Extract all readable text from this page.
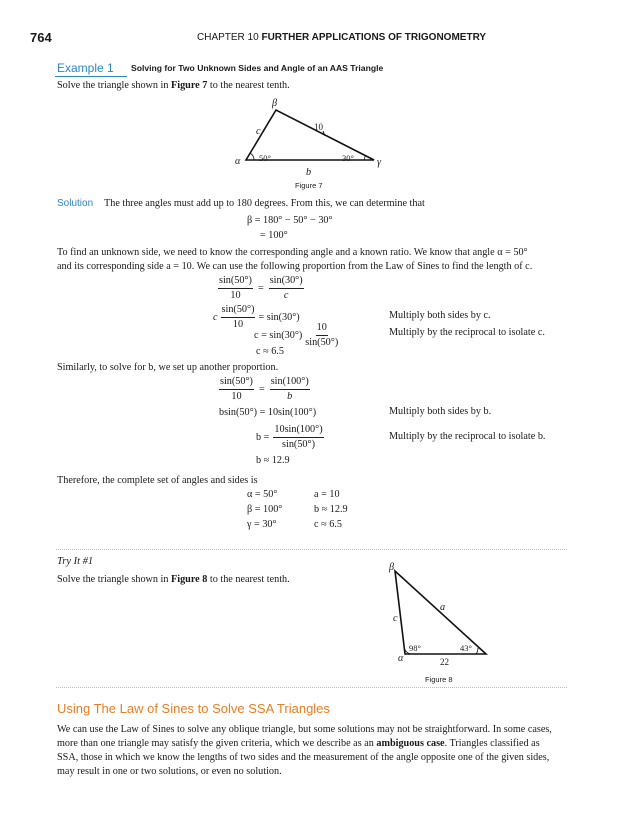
764	CHAPTER 10 FURTHER APPLICATIONS OF TRIGONOMETRY
Example 1 Solving for Two Unknown Sides and Angle of an AAS Triangle
Solve the triangle shown in Figure 7 to the nearest tenth.
β
c	10
α 50°	30° γ
b
Figure 7
Solution The three angles must add up to 180 degrees. From this, we can determine that
β = 180° − 50° − 30°
= 100°
To find an unknown side, we need to know the corresponding angle and a known ratio. We know that angle α = 50°
and its corresponding side a = 10. We can use the following proportion from the Law of Sines to find the length of c.
$\frac{\sin(50^\circ)}{10} = \frac{\sin(30^\circ)}{c}$
c $\frac{\sin(50^\circ)}{10} = \sin(30^\circ)$	Multiply both sides by c.
$c = \sin(30^\circ) \frac{10}{\sin(50^\circ)}$	Multiply by the reciprocal to isolate c.
c ≈ 6.5
Similarly, to solve for b, we set up another proportion.
$\frac{\sin(50^\circ)}{10} = \frac{\sin(100^\circ)}{b}$
bsin(50°) = 10sin(100°)	Multiply both sides by b.
$b = \frac{10\sin(100^\circ)}{\sin(50^\circ)}$	Multiply by the reciprocal to isolate b.
b ≈ 12.9
Therefore, the complete set of angles and sides is
α = 50°	a = 10
β = 100°	b ≈ 12.9
γ = 30°	c ≈ 6.5
Try It #1
Solve the triangle shown in Figure 8 to the nearest tenth.
β
a
c
98°	43°
α	22
Figure 8
Using The Law of Sines to Solve SSA Triangles
We can use the Law of Sines to solve any oblique triangle, but some solutions may not be straightforward. In some cases,
more than one triangle may satisfy the given criteria, which we describe as an ambiguous case. Triangles classified as
SSA, those in which we know the lengths of two sides and the measurement of the angle opposite one of the given sides,
may result in one or two solutions, or even no solution.
